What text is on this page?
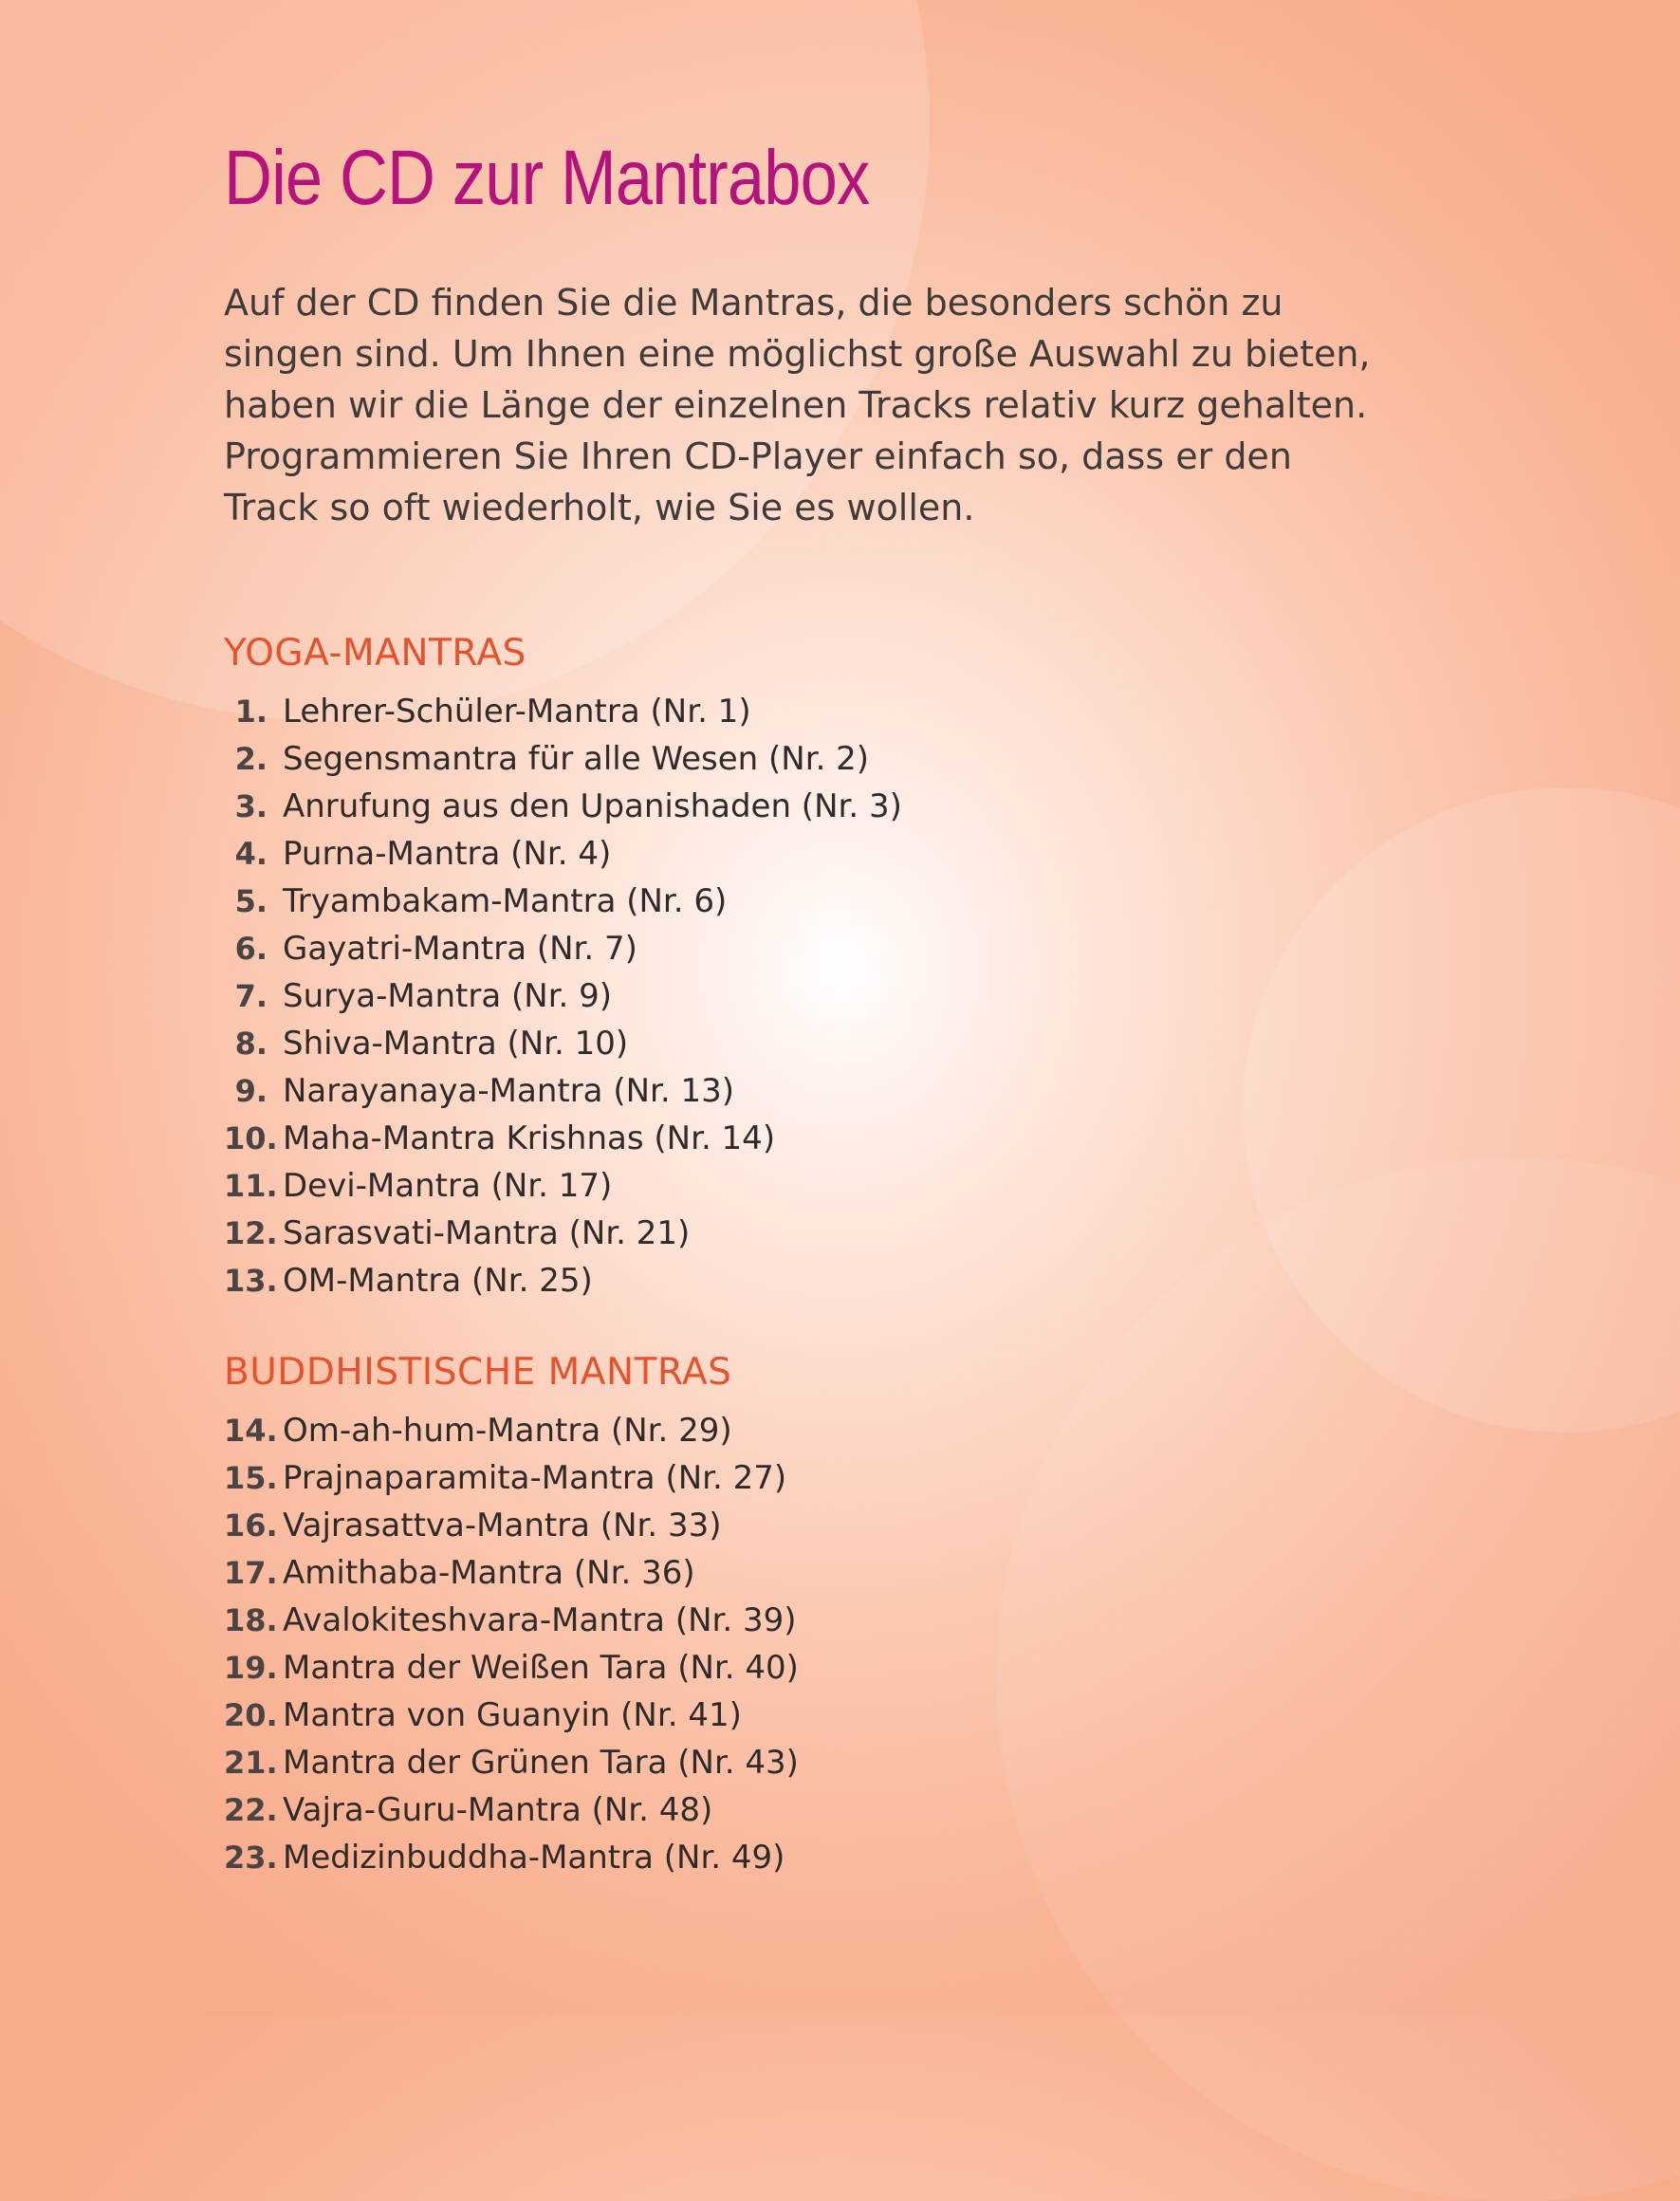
Die CD zur Mantrabox

Auf der CD finden Sie die Mantras, die besonders schön zu
singen sind. Um Ihnen eine möglichst große Auswahl zu bieten,
haben wir die Länge der einzelnen Tracks relativ kurz gehalten.
Programmieren Sie Ihren CD-Player einfach so, dass er den
Track so oft wiederholt, wie Sie es wollen.

YOGA-MANTRAS
1. Lehrer-Schüler-Mantra (Nr. 1)
2. Segensmantra für alle Wesen (Nr. 2)
3. Anrufung aus den Upanishaden (Nr. 3)
4. Purna-Mantra (Nr. 4)
5. Tryambakam-Mantra (Nr. 6)
6. Gayatri-Mantra (Nr. 7)
7. Surya-Mantra (Nr. 9)
8. Shiva-Mantra (Nr. 10)
9. Narayanaya-Mantra (Nr. 13)
10. Maha-Mantra Krishnas (Nr. 14)
11. Devi-Mantra (Nr. 17)
12. Sarasvati-Mantra (Nr. 21)
13. OM-Mantra (Nr. 25)
BUDDHISTISCHE MANTRAS
14. Om-ah-hum-Mantra (Nr. 29)
15. Prajnaparamita-Mantra (Nr. 27)
16. Vajrasattva-Mantra (Nr. 33)
17. Amithaba-Mantra (Nr. 36)
18. Avalokiteshvara-Mantra (Nr. 39)
19. Mantra der Weißen Tara (Nr. 40)
20. Mantra von Guanyin (Nr. 41)
21. Mantra der Grünen Tara (Nr. 43)
22. Vajra-Guru-Mantra (Nr. 48)
23. Medizinbuddha-Mantra (Nr. 49)
